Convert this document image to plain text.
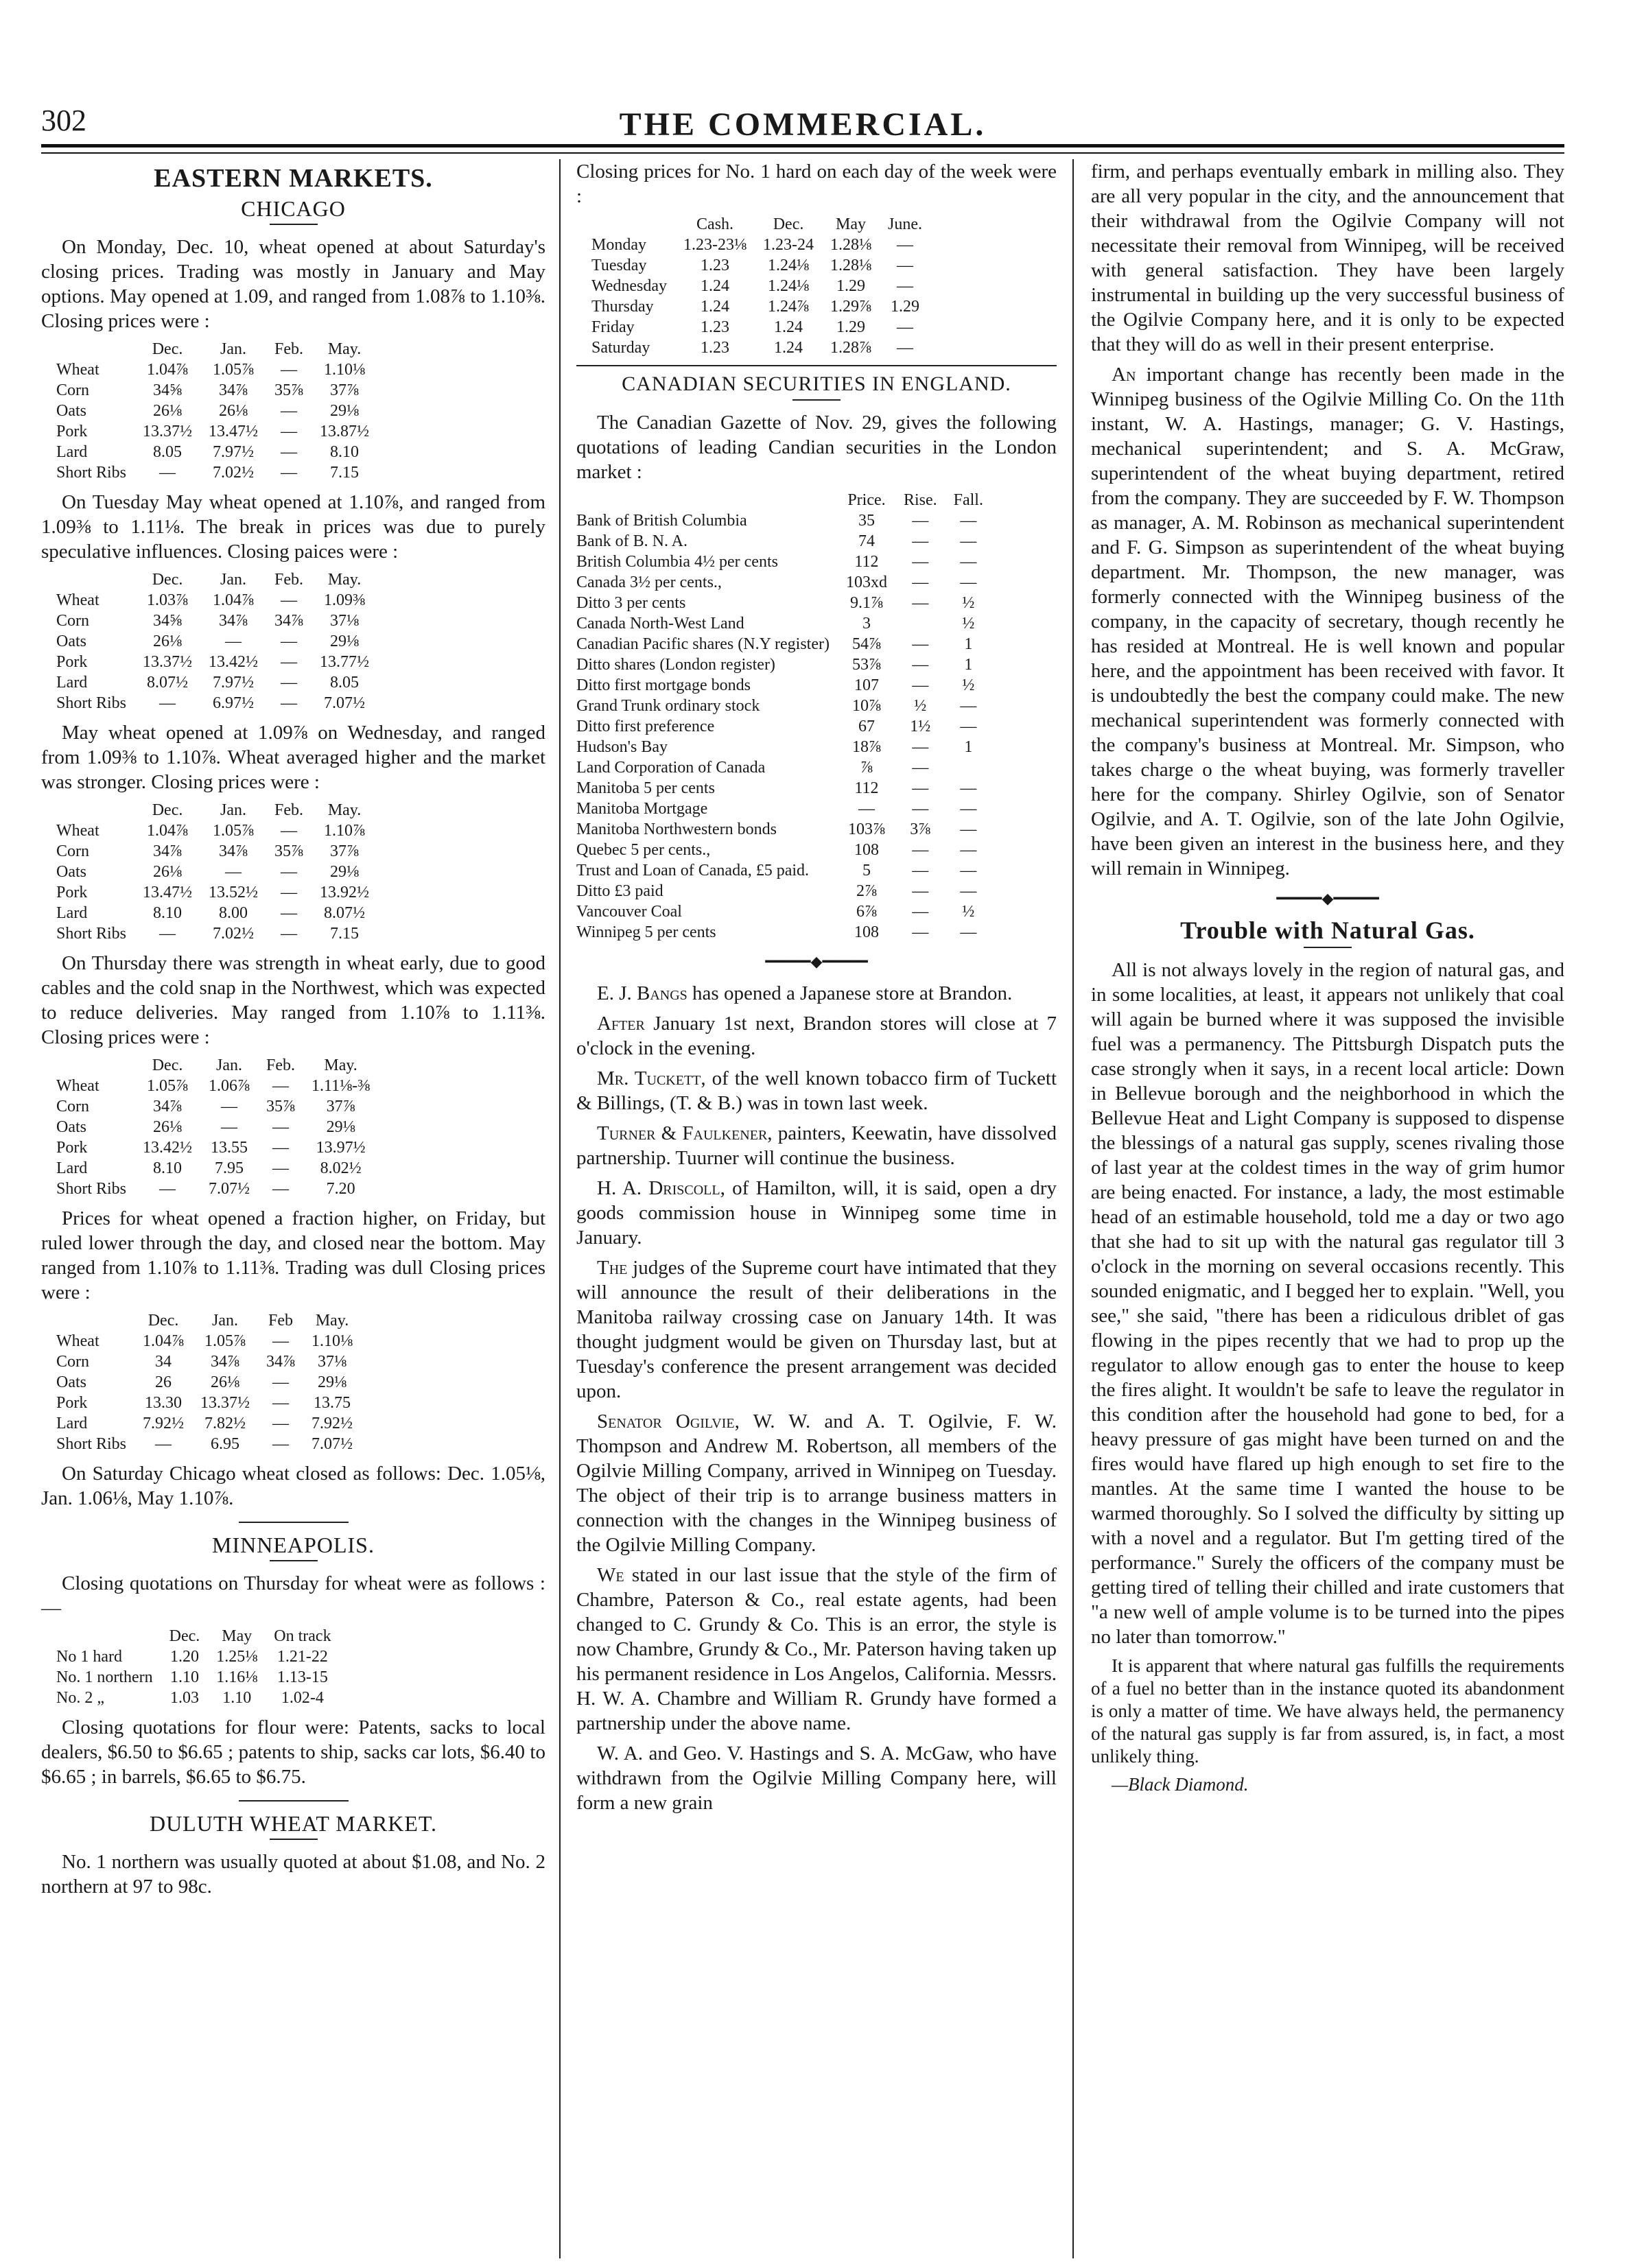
302	THE COMMERCIAL.
EASTERN MARKETS.
CHICAGO

On Monday, Dec. 10, wheat opened at about Saturday's closing prices. Trading was mostly in January and May options. May opened at 1.09, and ranged from 1.08⅞ to 1.10⅜. Closing prices were :

	Dec.	Jan.	Feb.	May.
Wheat	1.04⅞	1.05⅞	—	1.10⅛
Corn	34⅝	34⅞	35⅞	37⅞
Oats	26⅛	26⅛	—	29⅛
Pork	13.37½	13.47½	—	13.87½
Lard	8.05	7.97½	—	8.10
Short Ribs	—	7.02½	—	7.15

On Tuesday May wheat opened at 1.10⅞, and ranged from 1.09⅜ to 1.11⅛. The break in prices was due to purely speculative influences. Closing paices were :

	Dec.	Jan.	Feb.	May.
Wheat	1.03⅞	1.04⅞	—	1.09⅜
Corn	34⅝	34⅞	34⅞	37⅛
Oats	26⅛	—	—	29⅛
Pork	13.37½	13.42½	—	13.77½
Lard	8.07½	7.97½	—	8.05
Short Ribs	—	6.97½	—	7.07½

May wheat opened at 1.09⅞ on Wednesday, and ranged from 1.09⅜ to 1.10⅞. Wheat averaged higher and the market was stronger. Closing prices were :

	Dec.	Jan.	Feb.	May.
Wheat	1.04⅞	1.05⅞	—	1.10⅞
Corn	34⅞	34⅞	35⅞	37⅞
Oats	26⅛	—	—	29⅛
Pork	13.47½	13.52½	—	13.92½
Lard	8.10	8.00	—	8.07½
Short Ribs	—	7.02½	—	7.15

On Thursday there was strength in wheat early, due to good cables and the cold snap in the Northwest, which was expected to reduce deliveries. May ranged from 1.10⅞ to 1.11⅜. Closing prices were :

	Dec.	Jan.	Feb.	May.
Wheat	1.05⅞	1.06⅞	—	1.11⅛-⅜
Corn	34⅞	—	35⅞	37⅞
Oats	26⅛	—	—	29⅛
Pork	13.42½	13.55	—	13.97½
Lard	8.10	7.95	—	8.02½
Short Ribs	—	7.07½	—	7.20

Prices for wheat opened a fraction higher, on Friday, but ruled lower through the day, and closed near the bottom. May ranged from 1.10⅞ to 1.11⅜. Trading was dull Closing prices were :

	Dec.	Jan.	Feb	May.
Wheat	1.04⅞	1.05⅞	—	1.10⅛
Corn	34	34⅞	34⅞	37⅛
Oats	26	26⅛	—	29⅛
Pork	13.30	13.37½	—	13.75
Lard	7.92½	7.82½	—	7.92½
Short Ribs	—	6.95	—	7.07½

On Saturday Chicago wheat closed as follows: Dec. 1.05⅛, Jan. 1.06⅛, May 1.10⅞.

MINNEAPOLIS.

Closing quotations on Thursday for wheat were as follows :—

	Dec.	May	On track
No 1 hard	1.20	1.25⅛	1.21-22
No. 1 northern	1.10	1.16⅛	1.13-15
No. 2 „	1.03	1.10	1.02-4

Closing quotations for flour were: Patents, sacks to local dealers, $6.50 to $6.65 ; patents to ship, sacks car lots, $6.40 to $6.65 ; in barrels, $6.65 to $6.75.

DULUTH WHEAT MARKET.

No. 1 northern was usually quoted at about $1.08, and No. 2 northern at 97 to 98c.

Closing prices for No. 1 hard on each day of the week were :

	Cash.	Dec.	May	June.
Monday	1.23-23⅛	1.23-24	1.28⅛	—
Tuesday	1.23	1.24⅛	1.28⅛	—
Wednesday	1.24	1.24⅛	1.29	—
Thursday	1.24	1.24⅞	1.29⅞	1.29
Friday	1.23	1.24	1.29	—
Saturday	1.23	1.24	1.28⅞	—
CANADIAN SECURITIES IN ENGLAND.

The Canadian Gazette of Nov. 29, gives the following quotations of leading Candian securities in the London market :

	Price.	Rise.	Fall.
Bank of British Columbia	35	—	—
Bank of B. N. A.	74	—	—
British Columbia 4½ per cents	112	—	—
Canada 3½ per cents.,	103xd	—	—
Ditto 3 per cents	9.1⅞	—	½
Canada North-West Land	3		½
Canadian Pacific shares (N.Y register)	54⅞	—	1
Ditto shares (London register)	53⅞	—	1
Ditto first mortgage bonds	107	—	½
Grand Trunk ordinary stock	10⅞	½	—
Ditto first preference	67	1½	—
Hudson's Bay	18⅞	—	1
Land Corporation of Canada	⅞	—	
Manitoba 5 per cents	112	—	—
Manitoba Mortgage	—	—	—
Manitoba Northwestern bonds	103⅞	3⅞	—
Quebec 5 per cents.,	108	—	—
Trust and Loan of Canada, £5 paid.	5	—	—
Ditto £3 paid	2⅞	—	—
Vancouver Coal	6⅞	—	½
Winnipeg 5 per cents	108	—	—
━━━━━◆━━━━━

E. J. Bangs has opened a Japanese store at Brandon.

After January 1st next, Brandon stores will close at 7 o'clock in the evening.

Mr. Tuckett, of the well known tobacco firm of Tuckett & Billings, (T. & B.) was in town last week.

Turner & Faulkener, painters, Keewatin, have dissolved partnership. Tuurner will continue the business.

H. A. Driscoll, of Hamilton, will, it is said, open a dry goods commission house in Winnipeg some time in January.

The judges of the Supreme court have intimated that they will announce the result of their deliberations in the Manitoba railway crossing case on January 14th. It was thought judgment would be given on Thursday last, but at Tuesday's conference the present arrangement was decided upon.

Senator Ogilvie, W. W. and A. T. Ogilvie, F. W. Thompson and Andrew M. Robertson, all members of the Ogilvie Milling Company, arrived in Winnipeg on Tuesday. The object of their trip is to arrange business matters in connection with the changes in the Winnipeg business of the Ogilvie Milling Company.

We stated in our last issue that the style of the firm of Chambre, Paterson & Co., real estate agents, had been changed to C. Grundy & Co. This is an error, the style is now Chambre, Grundy & Co., Mr. Paterson having taken up his permanent residence in Los Angelos, California. Messrs. H. W. A. Chambre and William R. Grundy have formed a partnership under the above name.

W. A. and Geo. V. Hastings and S. A. McGaw, who have withdrawn from the Ogilvie Milling Company here, will form a new grain

firm, and perhaps eventually embark in milling also. They are all very popular in the city, and the announcement that their withdrawal from the Ogilvie Company will not necessitate their removal from Winnipeg, will be received with general satisfaction. They have been largely instrumental in building up the very successful business of the Ogilvie Company here, and it is only to be expected that they will do as well in their present enterprise.

An important change has recently been made in the Winnipeg business of the Ogilvie Milling Co. On the 11th instant, W. A. Hastings, manager; G. V. Hastings, mechanical superintendent; and S. A. McGraw, superintendent of the wheat buying department, retired from the company. They are succeeded by F. W. Thompson as manager, A. M. Robinson as mechanical superintendent and F. G. Simpson as superintendent of the wheat buying department. Mr. Thompson, the new manager, was formerly connected with the Winnipeg business of the company, in the capacity of secretary, though recently he has resided at Montreal. He is well known and popular here, and the appointment has been received with favor. It is undoubtedly the best the company could make. The new mechanical superintendent was formerly connected with the company's business at Montreal. Mr. Simpson, who takes charge o the wheat buying, was formerly traveller here for the company. Shirley Ogilvie, son of Senator Ogilvie, and A. T. Ogilvie, son of the late John Ogilvie, have been given an interest in the business here, and they will remain in Winnipeg.

━━━━━◆━━━━━
Trouble with Natural Gas.

All is not always lovely in the region of natural gas, and in some localities, at least, it appears not unlikely that coal will again be burned where it was supposed the invisible fuel was a permanency. The Pittsburgh Dispatch puts the case strongly when it says, in a recent local article: Down in Bellevue borough and the neighborhood in which the Bellevue Heat and Light Company is supposed to dispense the blessings of a natural gas supply, scenes rivaling those of last year at the coldest times in the way of grim humor are being enacted. For instance, a lady, the most estimable head of an estimable household, told me a day or two ago that she had to sit up with the natural gas regulator till 3 o'clock in the morning on several occasions recently. This sounded enigmatic, and I begged her to explain. "Well, you see," she said, "there has been a ridiculous driblet of gas flowing in the pipes recently that we had to prop up the regulator to allow enough gas to enter the house to keep the fires alight. It wouldn't be safe to leave the regulator in this condition after the household had gone to bed, for a heavy pressure of gas might have been turned on and the fires would have flared up high enough to set fire to the mantles. At the same time I wanted the house to be warmed thoroughly. So I solved the difficulty by sitting up with a novel and a regulator. But I'm getting tired of the performance." Surely the officers of the company must be getting tired of telling their chilled and irate customers that "a new well of ample volume is to be turned into the pipes no later than tomorrow."

It is apparent that where natural gas fulfills the requirements of a fuel no better than in the instance quoted its abandonment is only a matter of time. We have always held, the permanency of the natural gas supply is far from assured, is, in fact, a most unlikely thing.

—Black Diamond.
